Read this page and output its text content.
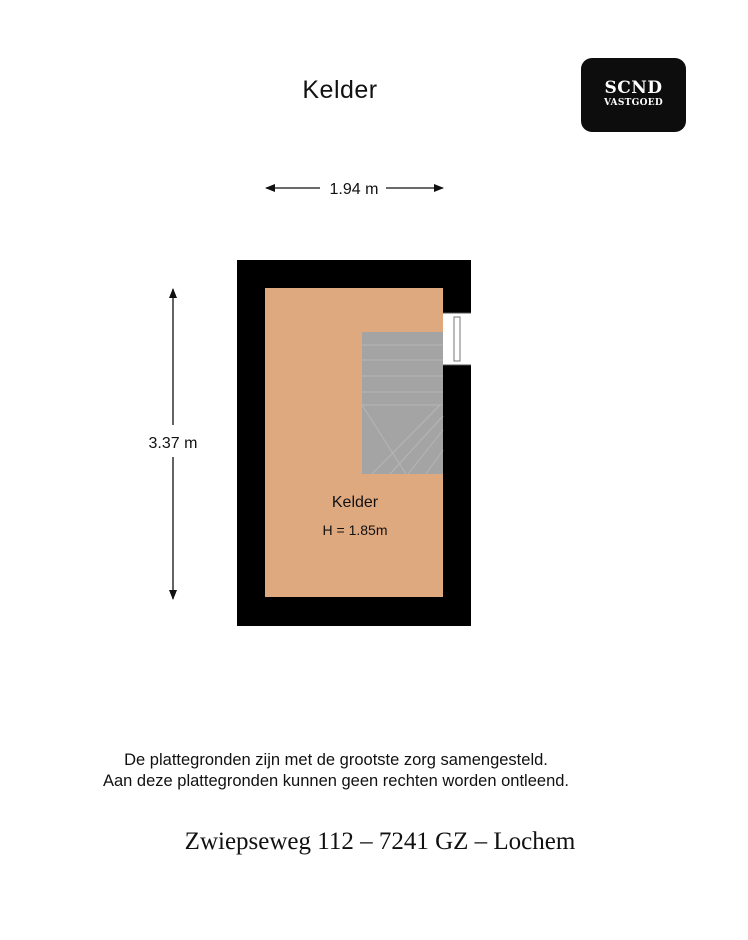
Kelder	SCND
VASTGOED
1.94 m
3.37 m
Kelder
H = 1.85m
De plattegronden zijn met de grootste zorg samengesteld.
Aan deze plattegronden kunnen geen rechten worden ontleend.
Zwiepseweg 112 – 7241 GZ – Lochem
